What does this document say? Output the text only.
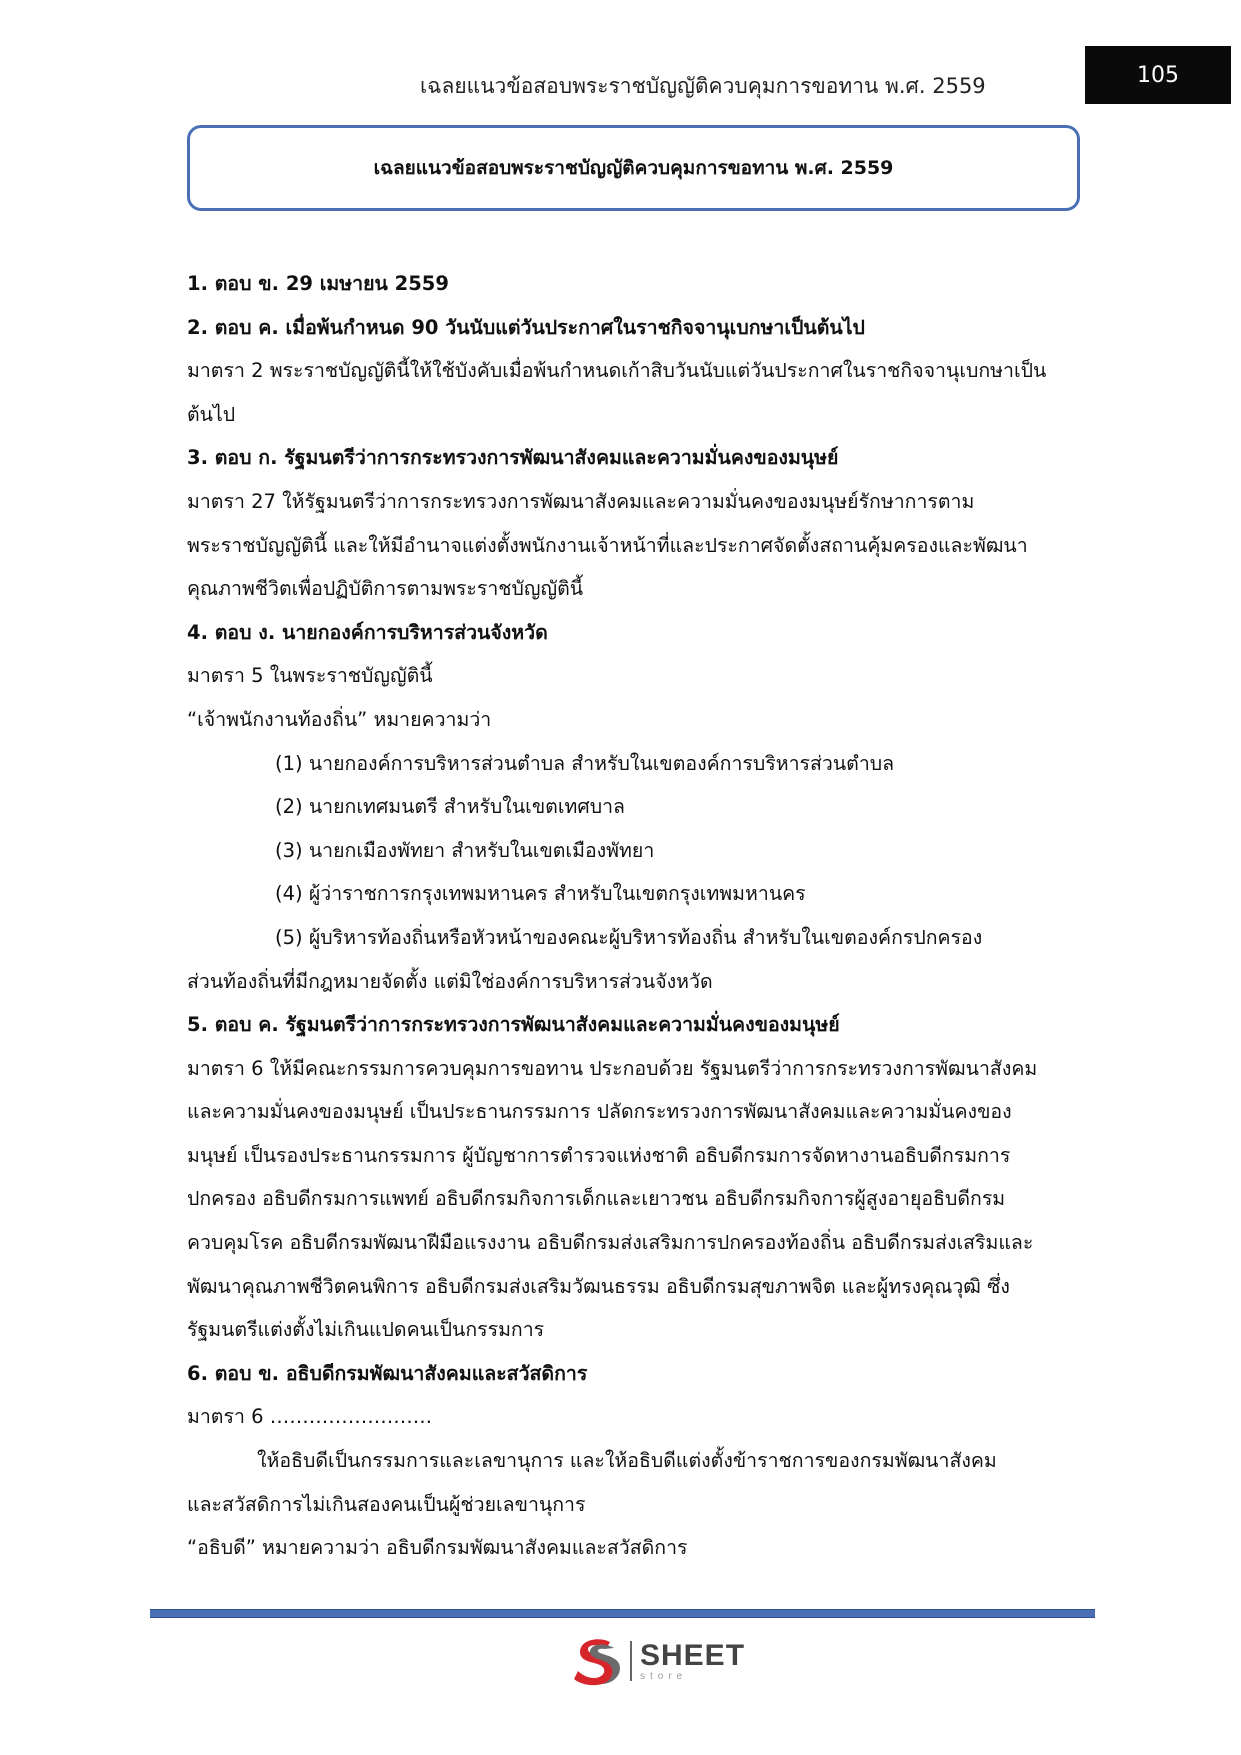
เฉลยแนวข้อสอบพระราชบัญญัติควบคุมการขอทาน พ.ศ. 2559	105
เฉลยแนวข้อสอบพระราชบัญญัติควบคุมการขอทาน พ.ศ. 2559

1. ตอบ ข. 29 เมษายน 2559

2. ตอบ ค. เมื่อพ้นกำหนด 90 วันนับแต่วันประกาศในราชกิจจานุเบกษาเป็นต้นไป

มาตรา 2 พระราชบัญญัตินี้ให้ใช้บังคับเมื่อพ้นกำหนดเก้าสิบวันนับแต่วันประกาศในราชกิจจานุเบกษาเป็น

ต้นไป

3. ตอบ ก. รัฐมนตรีว่าการกระทรวงการพัฒนาสังคมและความมั่นคงของมนุษย์

มาตรา 27 ให้รัฐมนตรีว่าการกระทรวงการพัฒนาสังคมและความมั่นคงของมนุษย์รักษาการตาม

พระราชบัญญัตินี้ และให้มีอำนาจแต่งตั้งพนักงานเจ้าหน้าที่และประกาศจัดตั้งสถานคุ้มครองและพัฒนา

คุณภาพชีวิตเพื่อปฏิบัติการตามพระราชบัญญัตินี้

4. ตอบ ง. นายกองค์การบริหารส่วนจังหวัด

มาตรา 5 ในพระราชบัญญัตินี้

“เจ้าพนักงานท้องถิ่น” หมายความว่า

(1) นายกองค์การบริหารส่วนตำบล สำหรับในเขตองค์การบริหารส่วนตำบล

(2) นายกเทศมนตรี สำหรับในเขตเทศบาล

(3) นายกเมืองพัทยา สำหรับในเขตเมืองพัทยา

(4) ผู้ว่าราชการกรุงเทพมหานคร สำหรับในเขตกรุงเทพมหานคร

(5) ผู้บริหารท้องถิ่นหรือหัวหน้าของคณะผู้บริหารท้องถิ่น สำหรับในเขตองค์กรปกครอง

ส่วนท้องถิ่นที่มีกฎหมายจัดตั้ง แต่มิใช่องค์การบริหารส่วนจังหวัด

5. ตอบ ค. รัฐมนตรีว่าการกระทรวงการพัฒนาสังคมและความมั่นคงของมนุษย์

มาตรา 6 ให้มีคณะกรรมการควบคุมการขอทาน ประกอบด้วย รัฐมนตรีว่าการกระทรวงการพัฒนาสังคม

และความมั่นคงของมนุษย์ เป็นประธานกรรมการ ปลัดกระทรวงการพัฒนาสังคมและความมั่นคงของ

มนุษย์ เป็นรองประธานกรรมการ ผู้บัญชาการตำรวจแห่งชาติ อธิบดีกรมการจัดหางานอธิบดีกรมการ

ปกครอง อธิบดีกรมการแพทย์ อธิบดีกรมกิจการเด็กและเยาวชน อธิบดีกรมกิจการผู้สูงอายุอธิบดีกรม

ควบคุมโรค อธิบดีกรมพัฒนาฝีมือแรงงาน อธิบดีกรมส่งเสริมการปกครองท้องถิ่น อธิบดีกรมส่งเสริมและ

พัฒนาคุณภาพชีวิตคนพิการ อธิบดีกรมส่งเสริมวัฒนธรรม อธิบดีกรมสุขภาพจิต และผู้ทรงคุณวุฒิ ซึ่ง

รัฐมนตรีแต่งตั้งไม่เกินแปดคนเป็นกรรมการ

6. ตอบ ข. อธิบดีกรมพัฒนาสังคมและสวัสดิการ

มาตรา 6 …………………….

ให้อธิบดีเป็นกรรมการและเลขานุการ และให้อธิบดีแต่งตั้งข้าราชการของกรมพัฒนาสังคม

และสวัสดิการไม่เกินสองคนเป็นผู้ช่วยเลขานุการ

“อธิบดี” หมายความว่า อธิบดีกรมพัฒนาสังคมและสวัสดิการ

SHEET
store
